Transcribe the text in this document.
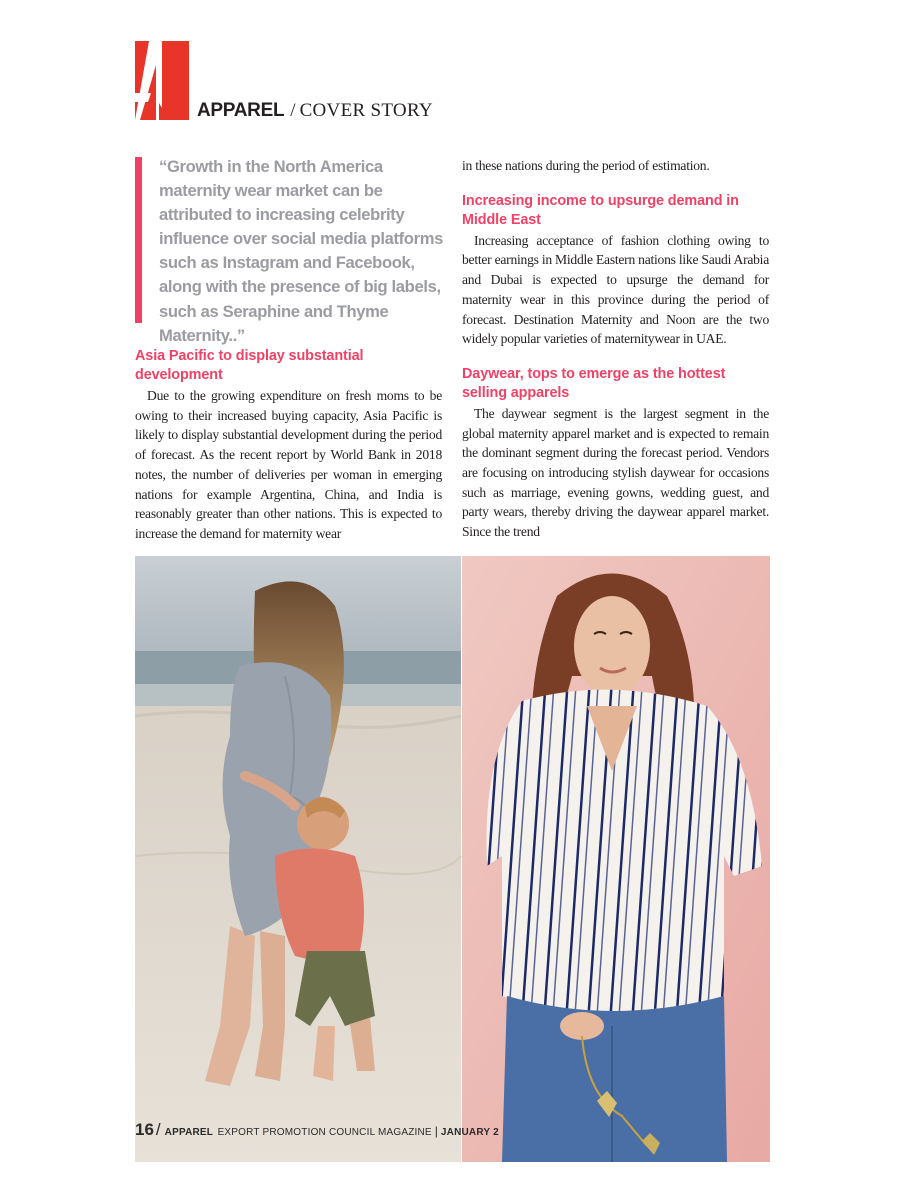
APPAREL / COVER STORY

“Growth in the North America maternity wear market can be attributed to increasing celebrity influence over social media platforms such as Instagram and Facebook, along with the presence of big labels, such as Seraphine and Thyme Maternity..”

Asia Pacific to display substantial development

Due to the growing expenditure on fresh moms to be owing to their increased buying capacity, Asia Pacific is likely to display substantial development during the period of forecast. As the recent report by World Bank in 2018 notes, the number of deliveries per woman in emerging nations for example Argentina, China, and India is reasonably greater than other nations. This is expected to increase the demand for maternity wear

in these nations during the period of estimation.

Increasing income to upsurge demand in Middle East

Increasing acceptance of fashion clothing owing to better earnings in Middle Eastern nations like Saudi Arabia and Dubai is expected to upsurge the demand for maternity wear in this province during the period of forecast. Destination Maternity and Noon are the two widely popular varieties of maternitywear in UAE.

Daywear, tops to emerge as the hottest selling apparels

The daywear segment is the largest segment in the global maternity apparel market and is expected to remain the dominant segment during the forecast period. Vendors are focusing on introducing stylish daywear for occasions such as marriage, evening gowns, wedding guest, and party wears, thereby driving the daywear apparel market. Since the trend

16 / APPAREL EXPORT PROMOTION COUNCIL MAGAZINE | JANUARY 2
